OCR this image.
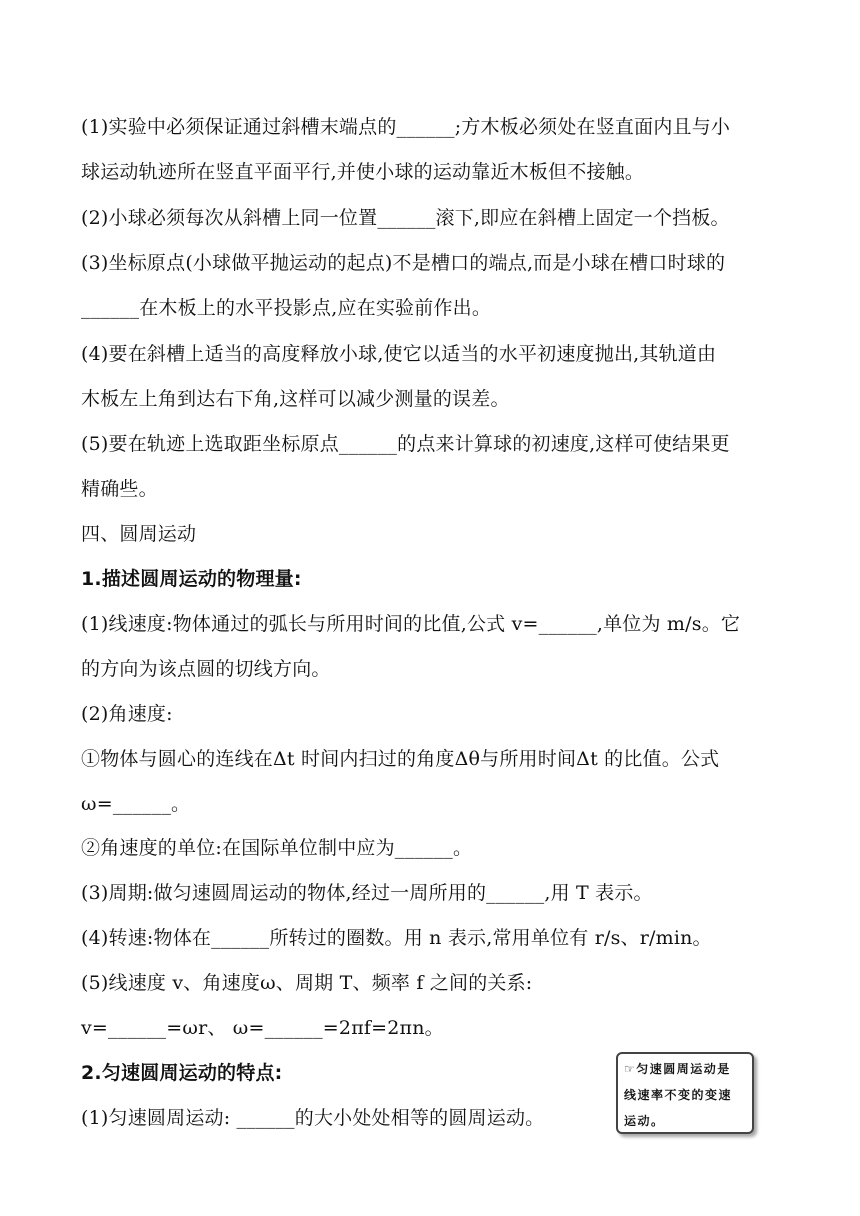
(1)实验中必须保证通过斜槽末端点的______;方木板必须处在竖直面内且与小
球运动轨迹所在竖直平面平行,并使小球的运动靠近木板但不接触。
(2)小球必须每次从斜槽上同一位置______滚下,即应在斜槽上固定一个挡板。
(3)坐标原点(小球做平抛运动的起点)不是槽口的端点,而是小球在槽口时球的
______在木板上的水平投影点,应在实验前作出。
(4)要在斜槽上适当的高度释放小球,使它以适当的水平初速度抛出,其轨道由
木板左上角到达右下角,这样可以减少测量的误差。
(5)要在轨迹上选取距坐标原点______的点来计算球的初速度,这样可使结果更
精确些。
四、圆周运动
1.描述圆周运动的物理量:
(1)线速度:物体通过的弧长与所用时间的比值,公式 v=______,单位为 m/s。它
的方向为该点圆的切线方向。
(2)角速度:
①物体与圆心的连线在Δt 时间内扫过的角度Δθ与所用时间Δt 的比值。公式
ω=______。
②角速度的单位:在国际单位制中应为______。
(3)周期:做匀速圆周运动的物体,经过一周所用的______,用 T 表示。
(4)转速:物体在______所转过的圈数。用 n 表示,常用单位有 r/s、r/min。
(5)线速度 v、角速度ω、周期 T、频率 f 之间的关系:
v=______=ωr、 ω=______=2πf=2πn。
2.匀速圆周运动的特点:
(1)匀速圆周运动: ______的大小处处相等的圆周运动。
☞匀速圆周运动是
线速率不变的变速
运动。
